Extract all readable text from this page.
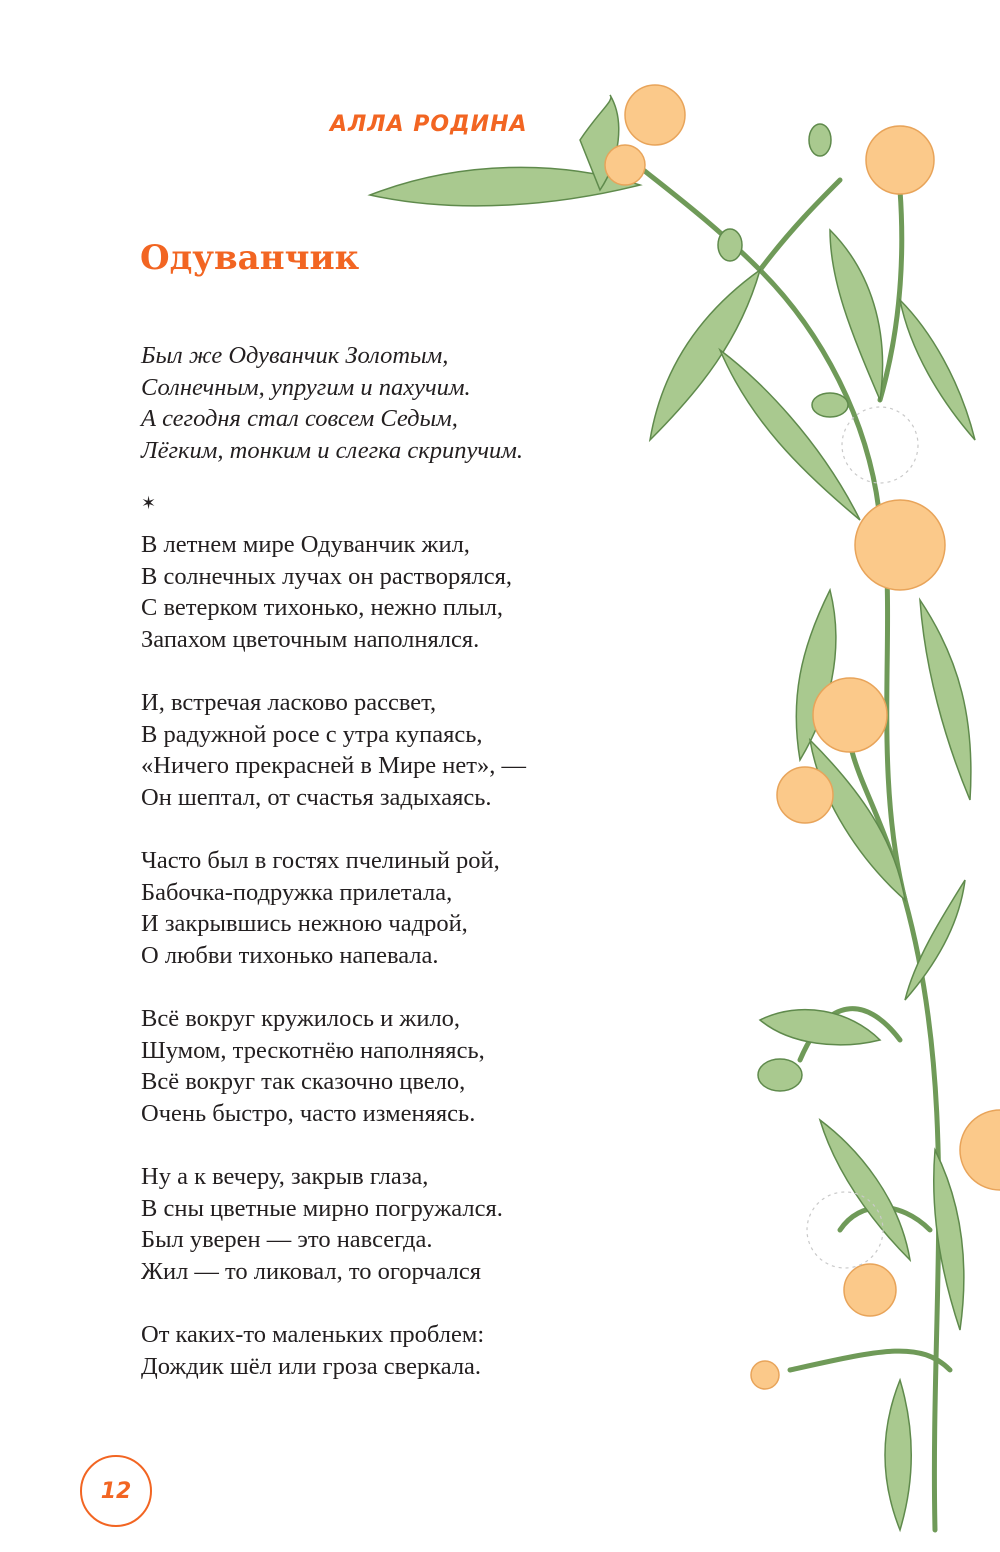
АЛЛА РОДИНА
Одуванчик
Был же Одуванчик Золотым,
Солнечным, упругим и пахучим.
А сегодня стал совсем Седым,
Лёгким, тонким и слегка скрипучим.
✶
В летнем мире Одуванчик жил,
В солнечных лучах он растворялся,
С ветерком тихонько, нежно плыл,
Запахом цветочным наполнялся.
И, встречая ласково рассвет,
В радужной росе с утра купаясь,
«Ничего прекрасней в Мире нет», —
Он шептал, от счастья задыхаясь.
Часто был в гостях пчелиный рой,
Бабочка-подружка прилетала,
И закрывшись нежною чадрой,
О любви тихонько напевала.
Всё вокруг кружилось и жило,
Шумом, трескотнёю наполняясь,
Всё вокруг так сказочно цвело,
Очень быстро, часто изменяясь.
Ну а к вечеру, закрыв глаза,
В сны цветные мирно погружался.
Был уверен — это навсегда.
Жил — то ликовал, то огорчался
От каких-то маленьких проблем:
Дождик шёл или гроза сверкала.
12
